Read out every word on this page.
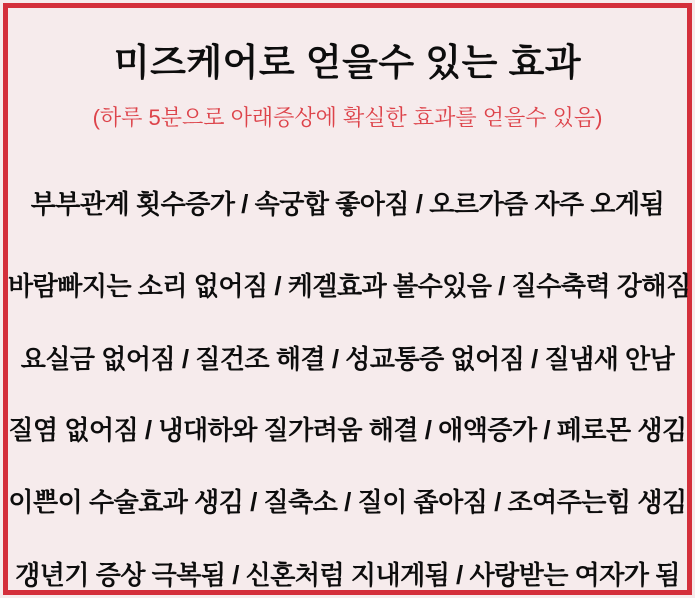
미즈케어로 얻을수 있는 효과

(하루 5분으로 아래증상에 확실한 효과를 얻을수 있음)

부부관계 횟수증가 / 속궁합 좋아짐 / 오르가즘 자주 오게됨
바람빠지는 소리 없어짐 / 케겔효과 볼수있음 / 질수축력 강해짐
요실금 없어짐 / 질건조 해결 / 성교통증 없어짐 / 질냄새 안남
질염 없어짐 / 냉대하와 질가려움 해결 / 애액증가 / 페로몬 생김
이쁜이 수술효과 생김 / 질축소 / 질이 좁아짐 / 조여주는힘 생김
갱년기 증상 극복됨 / 신혼처럼 지내게됨 / 사랑받는 여자가 됨
